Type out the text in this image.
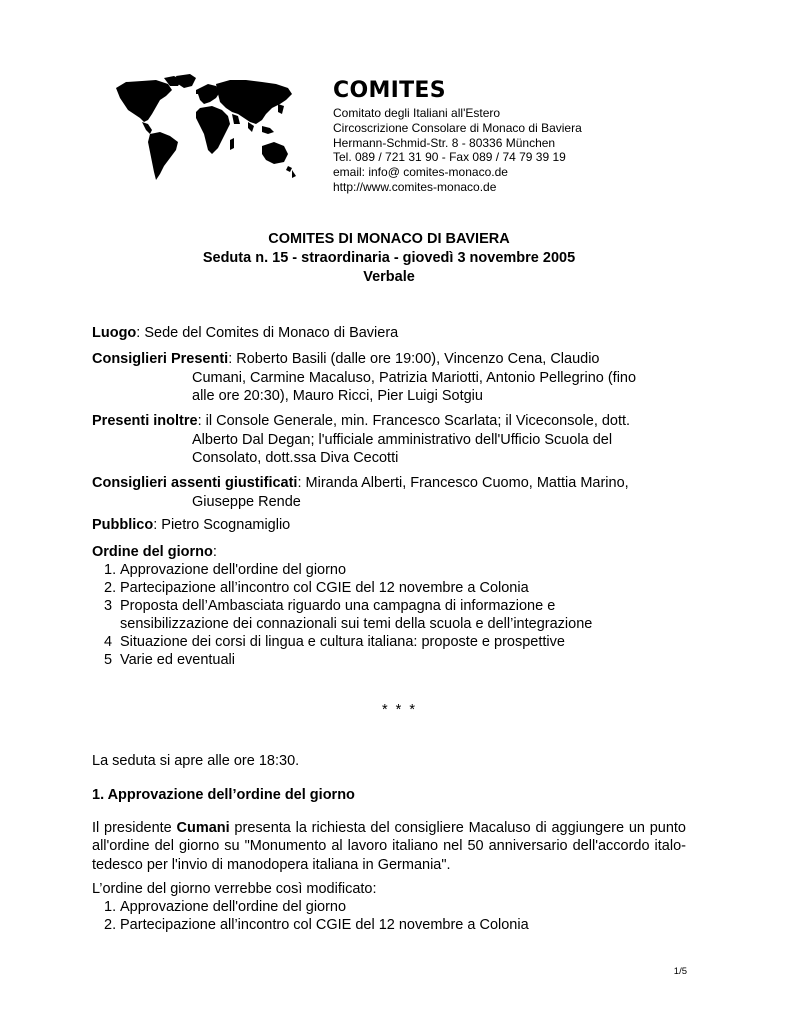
COMITES
Comitato degli Italiani all'Estero
Circoscrizione Consolare di Monaco di Baviera
Hermann-Schmid-Str. 8 - 80336 München
Tel. 089 / 721 31 90 - Fax 089 / 74 79 39 19
email: info@ comites-monaco.de
http://www.comites-monaco.de
COMITES DI MONACO DI BAVIERA
Seduta n. 15 - straordinaria - giovedì 3 novembre 2005
Verbale
Luogo: Sede del Comites di Monaco di Baviera
Consiglieri Presenti: Roberto Basili (dalle ore 19:00), Vincenzo Cena, Claudio
Cumani, Carmine Macaluso, Patrizia Mariotti, Antonio Pellegrino (fino
alle ore 20:30), Mauro Ricci, Pier Luigi Sotgiu
Presenti inoltre: il Console Generale, min. Francesco Scarlata; il Viceconsole, dott.
Alberto Dal Degan; l'ufficiale amministrativo dell'Ufficio Scuola del
Consolato, dott.ssa Diva Cecotti
Consiglieri assenti giustificati: Miranda Alberti, Francesco Cuomo, Mattia Marino,
Giuseppe Rende
Pubblico: Pietro Scognamiglio
Ordine del giorno:
1. Approvazione dell'ordine del giorno
2. Partecipazione all’incontro col CGIE del 12 novembre a Colonia
3 Proposta dell’Ambasciata riguardo una campagna di informazione e
sensibilizzazione dei connazionali sui temi della scuola e dell’integrazione
4 Situazione dei corsi di lingua e cultura italiana: proposte e prospettive
5 Varie ed eventuali
* * *
La seduta si apre alle ore 18:30.
1. Approvazione dell’ordine del giorno
Il presidente Cumani presenta la richiesta del consigliere Macaluso di aggiungere un punto all'ordine del giorno su "Monumento al lavoro italiano nel 50 anniversario dell'accordo italo-tedesco per l'invio di manodopera italiana in Germania".
L’ordine del giorno verrebbe così modificato:
1. Approvazione dell'ordine del giorno
2. Partecipazione all’incontro col CGIE del 12 novembre a Colonia
1/5
